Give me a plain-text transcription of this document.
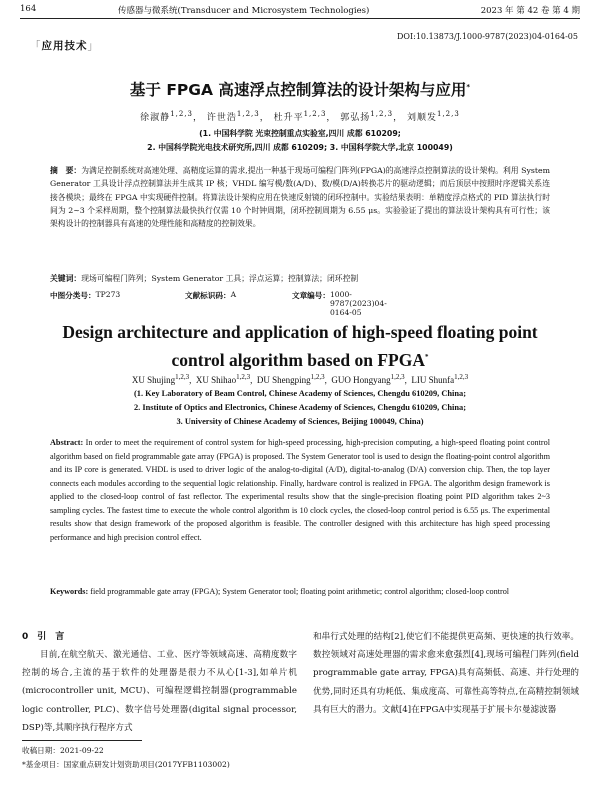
164	传感器与微系统(Transducer and Microsystem Technologies)	2023 年 第 42 卷 第 4 期
DOI:10.13873/J.1000-9787(2023)04-0164-05
「应用技术」
基于 FPGA 高速浮点控制算法的设计架构与应用*
徐淑静$^{1,2,3}$， 许世浩$^{1,2,3}$， 杜升平$^{1,2,3}$， 郭弘扬$^{1,2,3}$， 刘顺发$^{1,2,3}$
(1. 中国科学院 光束控制重点实验室,四川 成都 610209;
2. 中国科学院光电技术研究所,四川 成都 610209; 3. 中国科学院大学,北京 100049)
摘　要：为满足控制系统对高速处理、高精度运算的需求,提出一种基于现场可编程门阵列(FPGA)的高速浮点控制算法的设计架构。利用 System Generator 工具设计浮点控制算法并生成其 IP 核；VHDL 编写模/数(A/D)、数/模(D/A)转换芯片的驱动逻辑；而后顶层中按照时序逻辑关系连接各模块；最终在 FPGA 中实现硬件控制。将算法设计架构应用在快速反射镜的闭环控制中。实验结果表明：单精度浮点格式的 PID 算法执行时间为 2~3 个采样周期，整个控制算法最快执行仅需 10 个时钟周期，闭环控制周期为 6.55 μs。实验验证了提出的算法设计架构具有可行性；该架构设计的控制器具有高速的处理性能和高精度的控制效果。
关键词：现场可编程门阵列；System Generator 工具；浮点运算；控制算法；闭环控制
中图分类号： TP273	文献标识码： A	文章编号： 1000-9787(2023)04-0164-05
Design architecture and application of high-speed floating point
control algorithm based on FPGA*
XU Shujing$^{1,2,3}$,  XU Shihao$^{1,2,3}$,  DU Shengping$^{1,2,3}$,  GUO Hongyang$^{1,2,3}$,  LIU Shunfa$^{1,2,3}$
(1. Key Laboratory of Beam Control, Chinese Academy of Sciences, Chengdu 610209, China;
2. Institute of Optics and Electronics, Chinese Academy of Sciences, Chengdu 610209, China;
3. University of Chinese Academy of Sciences, Beijing 100049, China)
Abstract: In order to meet the requirement of control system for high-speed processing, high-precision computing, a high-speed floating point control algorithm based on field programmable gate array (FPGA) is proposed. The System Generator tool is used to design the floating-point control algorithm and its IP core is generated. VHDL is used to driver logic of the analog-to-digital (A/D), digital-to-analog (D/A) conversion chip. Then, the top layer connects each modules according to the sequential logic relationship. Finally, hardware control is realized in FPGA. The algorithm design framework is applied to the closed-loop control of fast reflector. The experimental results show that the single-precision floating point PID algorithm takes 2~3 sampling cycles. The fastest time to execute the whole control algorithm is 10 clock cycles, the closed-loop control period is 6.55 μs. The experimental results show that design framework of the proposed algorithm is feasible. The controller designed with this architecture has high speed processing performance and high precision control effect.
Keywords: field programmable gate array (FPGA); System Generator tool; floating point arithmetic; control algorithm; closed-loop control
0　引　言
目前,在航空航天、激光通信、工业、医疗等领域高速、高精度数字控制的场合,主流的基于软件的处理器是很力不从心[1-3],如单片机(microcontroller unit, MCU)、可编程逻辑控制器(programmable logic controller, PLC)、数字信号处理器(digital signal processor, DSP)等,其顺序执行程序方式
和串行式处理的结构[2],使它们不能提供更高频、更快速的执行效率。数控领域对高速处理器的需求愈来愈强烈[4],现场可编程门阵列(field programmable gate array, FPGA)具有高频低、高速、并行处理的优势,同时还具有功耗低、集成度高、可靠性高等特点,在高精控制领域具有巨大的潜力。文献[4]在FPGA中实现基于扩展卡尔曼滤波器
收稿日期：2021-09-22
*基金项目：国家重点研发计划资助项目(2017YFB1103002)
